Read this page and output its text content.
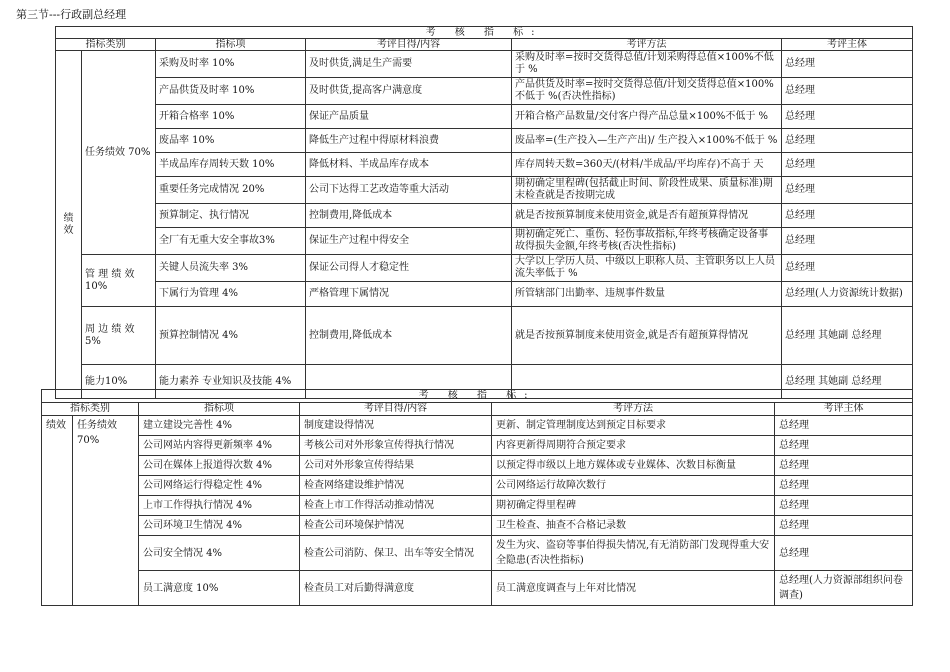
第三节---行政副总经理
考 核 指 标:					
指标类别		指标项	考评目得/内容	考评方法	考评主体
绩效	任务绩效 70%	采购及时率 10%	及时供货,满足生产需要	采购及时率=按时交货得总值/计划采购得总值×100%不低于 %	总经理
		产品供货及时率 10%	及时供货,提高客户满意度	产品供货及时率=按时交货得总值/计划交货得总值×100%不低于 %(否决性指标)	总经理
		开箱合格率 10%	保证产品质量	开箱合格产品数量/交付客户得产品总量×100%不低于 %	总经理
		废品率 10%	降低生产过程中得原材料浪费	废品率=(生产投入—生产产出)/ 生产投入×100%不低于 %	总经理
		半成品库存周转天数 10%	降低材料、半成品库存成本	库存周转天数=360天/(材料/半成品/平均库存)不高于 天	总经理
		重要任务完成情况 20%	公司下达得工艺改造等重大活动	期初确定里程碑(包括截止时间、阶段性成果、质量标准)期末检查就是否按期完成	总经理
		预算制定、执行情况	控制费用,降低成本	就是否按预算制度来使用资金,就是否有超预算得情况	总经理
		全厂有无重大安全事故3%	保证生产过程中得安全	期初确定死亡、重伤、轻伤事故指标,年终考核确定设备事故得损失金额,年终考核(否决性指标)	总经理
	管 理 绩 效 10%	关键人员流失率 3%	保证公司得人才稳定性	大学以上学历人员、中级以上职称人员、主管职务以上人员流失率低于 %	总经理
		下属行为管理 4%	严格管理下属情况	所管辖部门出勤率、违规事件数量	总经理(人力资源统计数据)
	周 边 绩 效 5%	预算控制情况 4%	控制费用,降低成本	就是否按预算制度来使用资金,就是否有超预算得情况	总经理 其她副 总经理
	能力10%	能力素养 专业知识及技能 4%			总经理 其她副 总经理
考 核 指 标:					
指标类别		指标项	考评目得/内容	考评方法	考评主体
绩效	任务绩效 70%	建立建设完善性 4%	制度建设得情况	更新、制定管理制度达到预定目标要求	总经理
		公司网站内容得更新频率 4%	考核公司对外形象宣传得执行情况	内容更新得周期符合预定要求	总经理
		公司在媒体上报道得次数 4%	公司对外形象宣传得结果	以预定得市级以上地方媒体或专业媒体、次数目标衡量	总经理
		公司网络运行得稳定性 4%	检查网络建设维护情况	公司网络运行故障次数行	总经理
		上市工作得执行情况 4%	检查上市工作得活动推动情况	期初确定得里程碑	总经理
		公司环境卫生情况 4%	检查公司环境保护情况	卫生检查、抽查不合格记录数	总经理
		公司安全情况 4%	检查公司消防、保卫、出车等安全情况	发生为灾、盗窃等事伯得损失情况,有无消防部门发现得重大安全隐患(否决性指标)	总经理
		员工满意度 10%	检查员工对后勤得满意度	员工满意度调查与上年对比情况	总经理(人力资源部组织问卷调查)
